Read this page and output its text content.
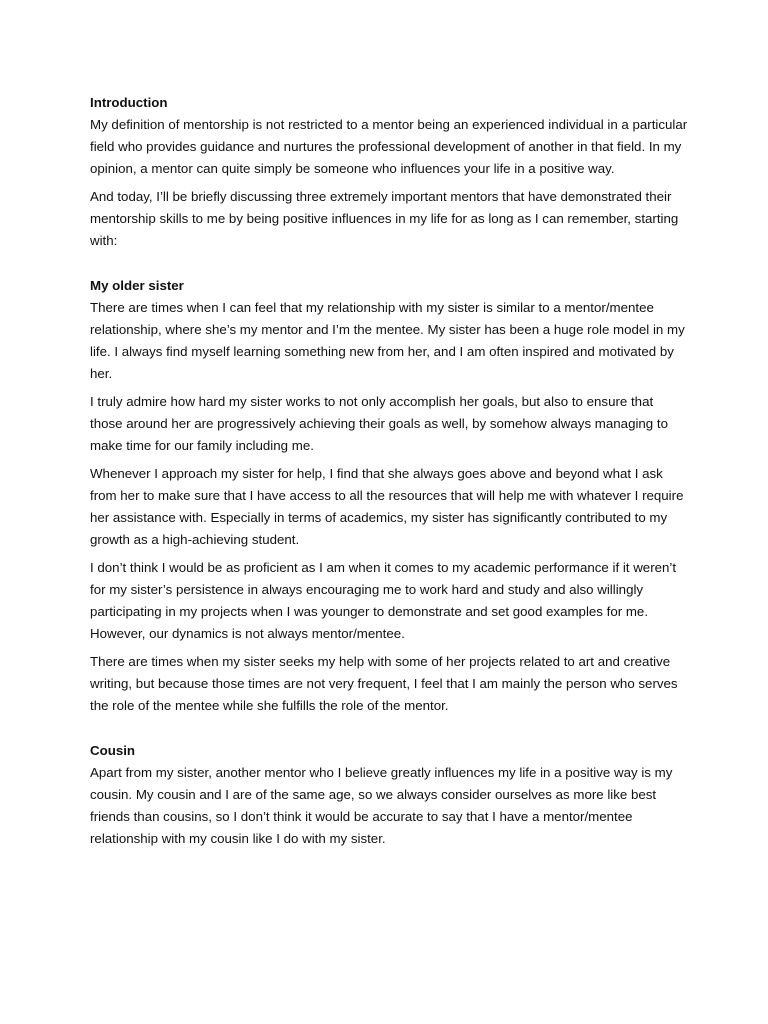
Introduction

My definition of mentorship is not restricted to a mentor being an experienced individual in a particular field who provides guidance and nurtures the professional development of another in that field. In my opinion, a mentor can quite simply be someone who influences your life in a positive way.

And today, I’ll be briefly discussing three extremely important mentors that have demonstrated their mentorship skills to me by being positive influences in my life for as long as I can remember, starting with:

My older sister

There are times when I can feel that my relationship with my sister is similar to a mentor/mentee relationship, where she’s my mentor and I’m the mentee. My sister has been a huge role model in my life. I always find myself learning something new from her, and I am often inspired and motivated by her.

I truly admire how hard my sister works to not only accomplish her goals, but also to ensure that those around her are progressively achieving their goals as well, by somehow always managing to make time for our family including me.

Whenever I approach my sister for help, I find that she always goes above and beyond what I ask from her to make sure that I have access to all the resources that will help me with whatever I require her assistance with. Especially in terms of academics, my sister has significantly contributed to my growth as a high-achieving student.

I don’t think I would be as proficient as I am when it comes to my academic performance if it weren’t for my sister’s persistence in always encouraging me to work hard and study and also willingly participating in my projects when I was younger to demonstrate and set good examples for me. However, our dynamics is not always mentor/mentee.

There are times when my sister seeks my help with some of her projects related to art and creative writing, but because those times are not very frequent, I feel that I am mainly the person who serves the role of the mentee while she fulfills the role of the mentor.

Cousin

Apart from my sister, another mentor who I believe greatly influences my life in a positive way is my cousin. My cousin and I are of the same age, so we always consider ourselves as more like best friends than cousins, so I don’t think it would be accurate to say that I have a mentor/mentee relationship with my cousin like I do with my sister.
